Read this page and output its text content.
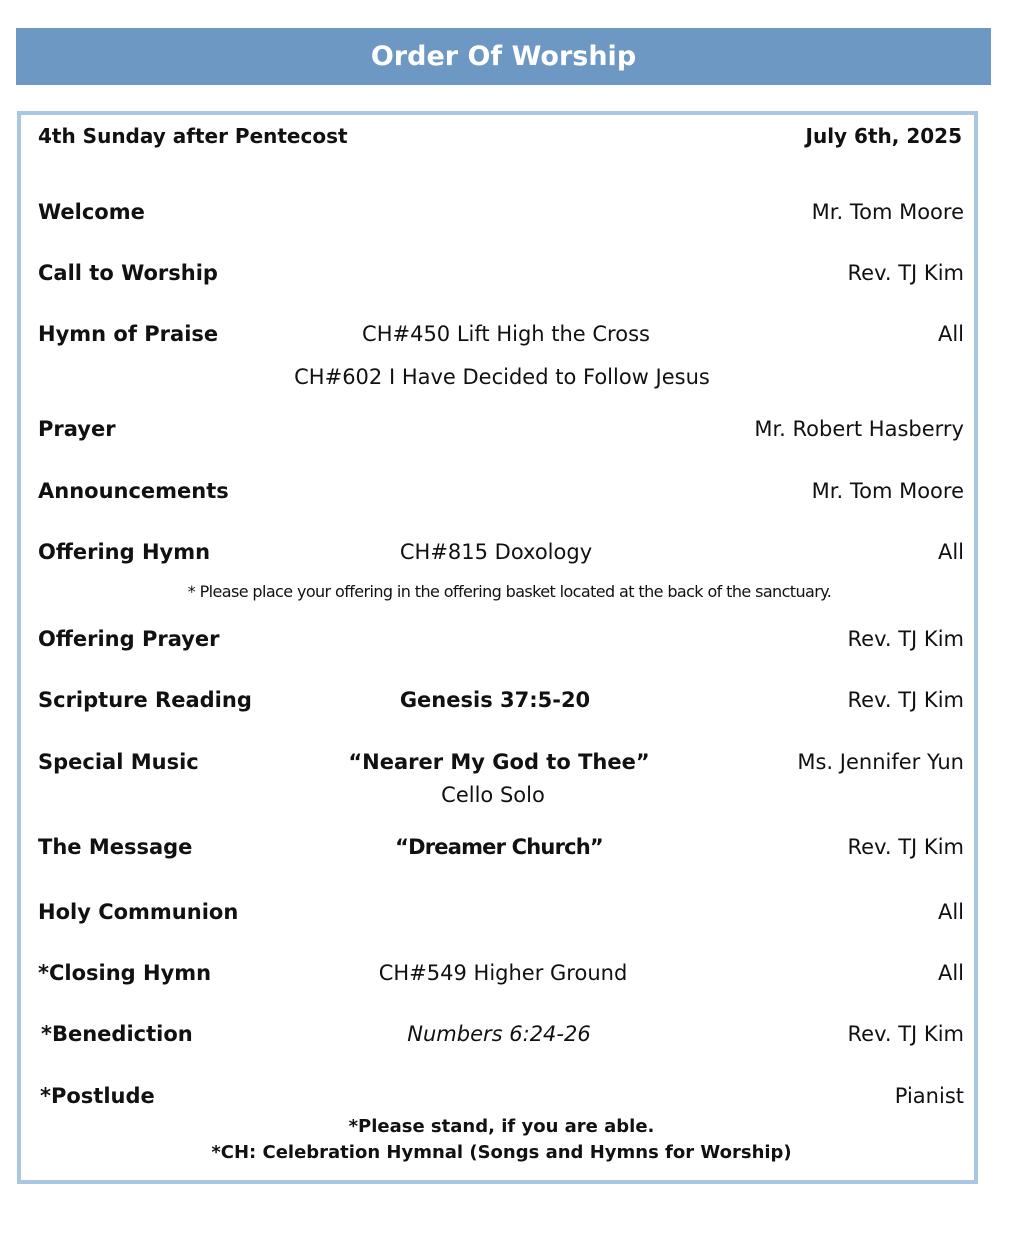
Order Of Worship
4th Sunday after Pentecost	July 6th, 2025
Welcome	Mr. Tom Moore
Call to Worship	Rev. TJ Kim
Hymn of Praise	CH#450 Lift High the Cross	All
CH#602 I Have Decided to Follow Jesus
Prayer	Mr. Robert Hasberry
Announcements	Mr. Tom Moore
Offering Hymn	CH#815 Doxology	All
* Please place your offering in the offering basket located at the back of the sanctuary.
Offering Prayer	Rev. TJ Kim
Scripture Reading	Genesis 37:5-20	Rev. TJ Kim
Special Music	“Nearer My God to Thee”	Ms. Jennifer Yun
Cello Solo
The Message	“Dreamer Church”	Rev. TJ Kim
Holy Communion	All
*Closing Hymn	CH#549 Higher Ground	All
*Benediction	Numbers 6:24-26	Rev. TJ Kim
*Postlude	Pianist
*Please stand, if you are able.
*CH: Celebration Hymnal (Songs and Hymns for Worship)
